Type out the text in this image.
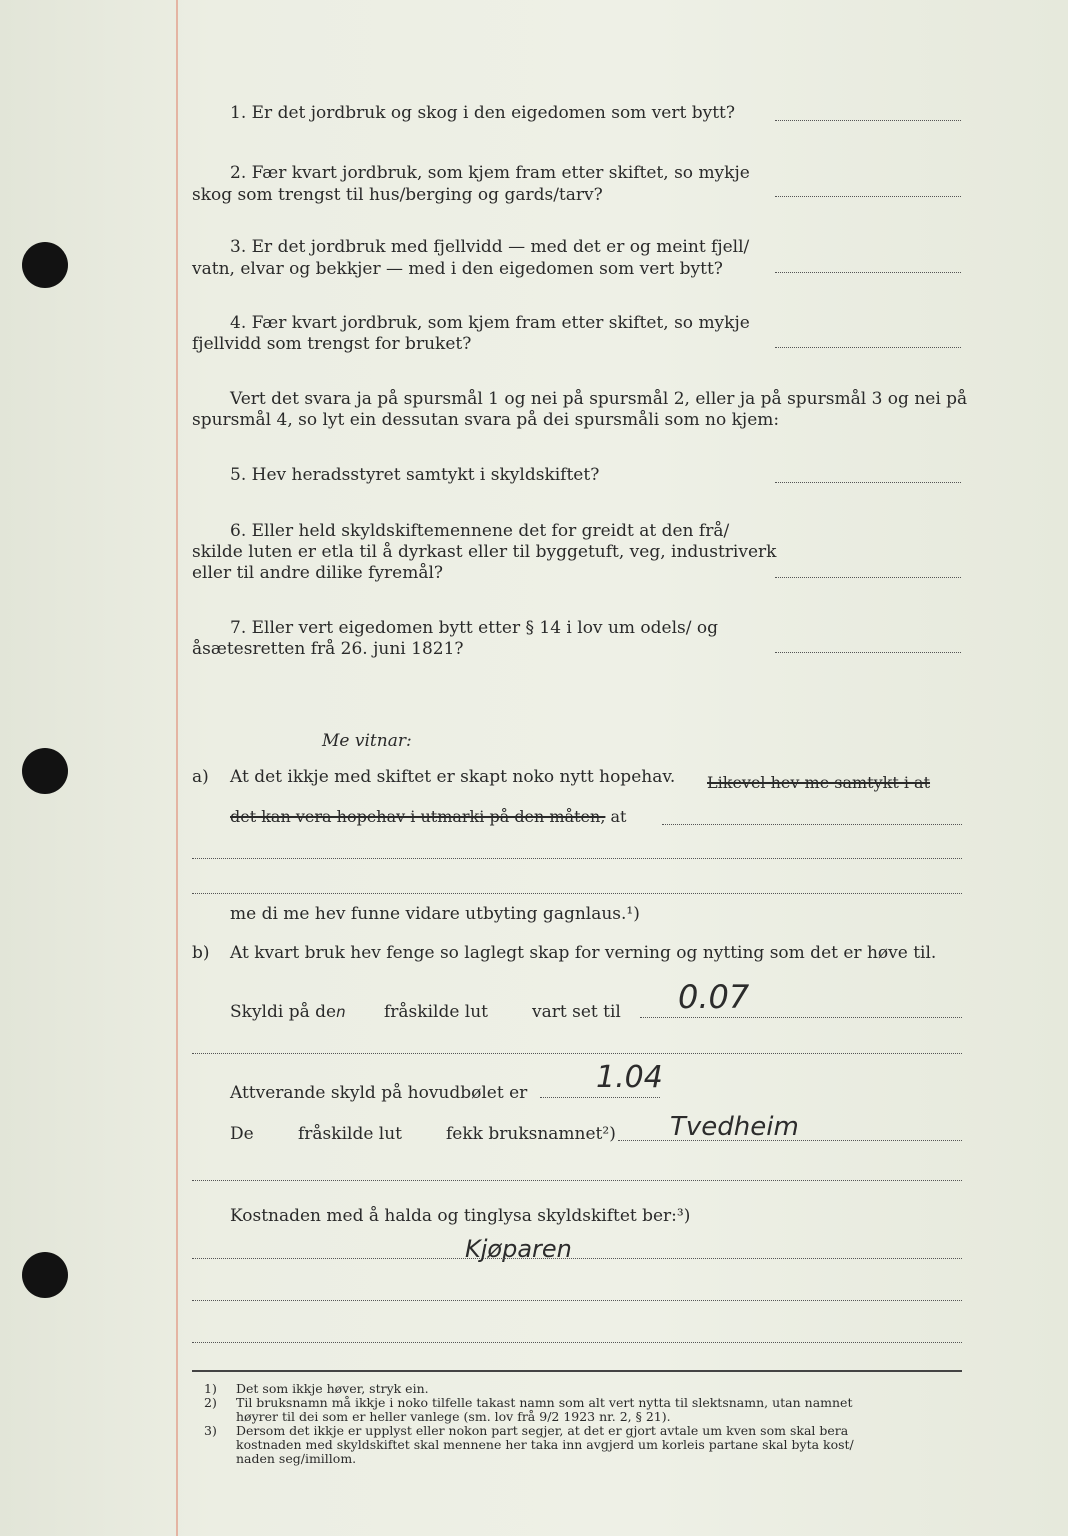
1. Er det jordbruk og skog i den eigedomen som vert bytt?
2. Fær kvart jordbruk, som kjem fram etter skiftet, so mykje
skog som trengst til hus∕berging og gards∕tarv?
3. Er det jordbruk med fjellvidd — med det er og meint fjell∕
vatn, elvar og bekkjer — med i den eigedomen som vert bytt?
4. Fær kvart jordbruk, som kjem fram etter skiftet, so mykje
fjellvidd som trengst for bruket?
Vert det svara ja på spursmål 1 og nei på spursmål 2, eller ja på spursmål 3 og nei på
spursmål 4, so lyt ein dessutan svara på dei spursmåli som no kjem:
5. Hev heradsstyret samtykt i skyldskiftet?
6. Eller held skyldskiftemennene det for greidt at den frå∕
skilde luten er etla til å dyrkast eller til byggetuft, veg, industriverk
eller til andre dilike fyremål?
7. Eller vert eigedomen bytt etter § 14 i lov um odels∕ og
åsætesretten frå 26. juni 1821?
Me vitnar:
a) At det ikkje med skiftet er skapt noko nytt hopehav. Likevel hev me samtykt i at
det kan vera hopehav i utmarki på den måten, at
me di me hev funne vidare utbyting gagnlaus.¹)
b) At kvart bruk hev fenge so laglegt skap for verning og nytting som det er høve til.
Skyldi på den fråskilde lut	vart set til 0.07
Attverande skyld på hovudbølet er 1.04
De	fråskilde lut	fekk bruksnamnet²) Tvedheim
Kostnaden med å halda og tinglysa skyldskiftet ber:³)
Kjøparen
1) Det som ikkje høver, stryk ein.
2) Til bruksnamn må ikkje i noko tilfelle takast namn som alt vert nytta til slektsnamn, utan namnet
høyrer til dei som er heller vanlege (sm. lov frå 9/2 1923 nr. 2, § 21).
3) Dersom det ikkje er upplyst eller nokon part segjer, at det er gjort avtale um kven som skal bera
kostnaden med skyldskiftet skal mennene her taka inn avgjerd um korleis partane skal byta kost∕
naden seg∕imillom.
